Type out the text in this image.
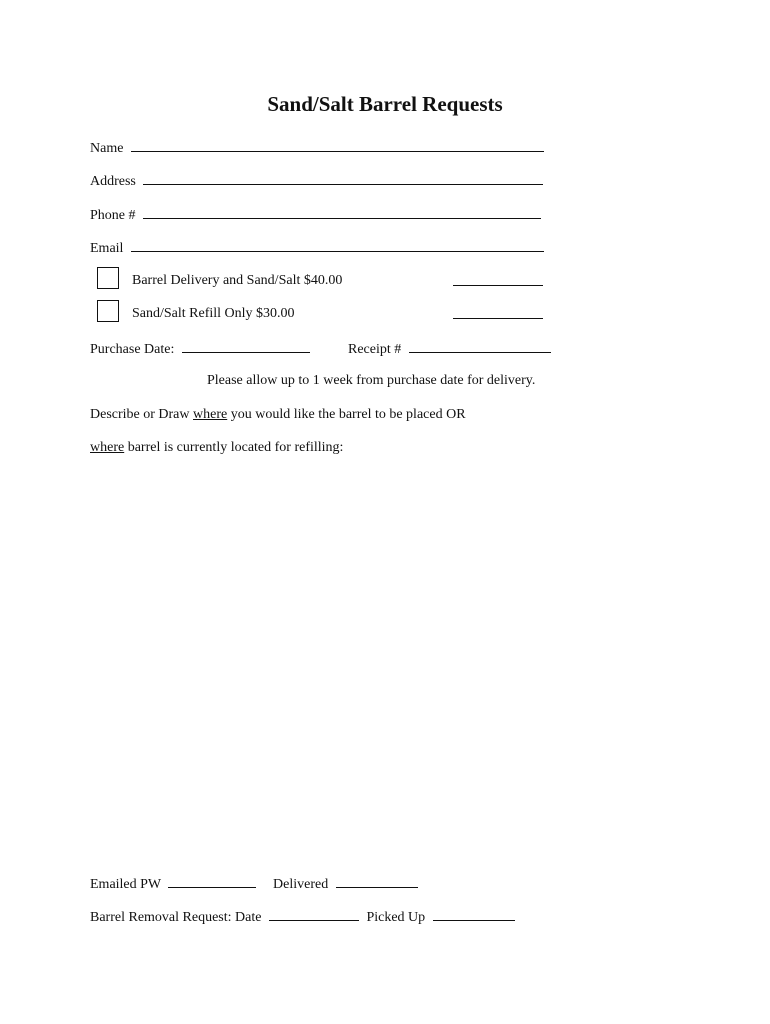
Sand/Salt Barrel Requests
Name
Address
Phone #
Email
Barrel Delivery and Sand/Salt $40.00
Sand/Salt Refill Only $30.00
Purchase Date:	Receipt #
Please allow up to 1 week from purchase date for delivery.
Describe or Draw where you would like the barrel to be placed OR
where barrel is currently located for refilling:
Emailed PW	Delivered
Barrel Removal Request: Date	Picked Up
